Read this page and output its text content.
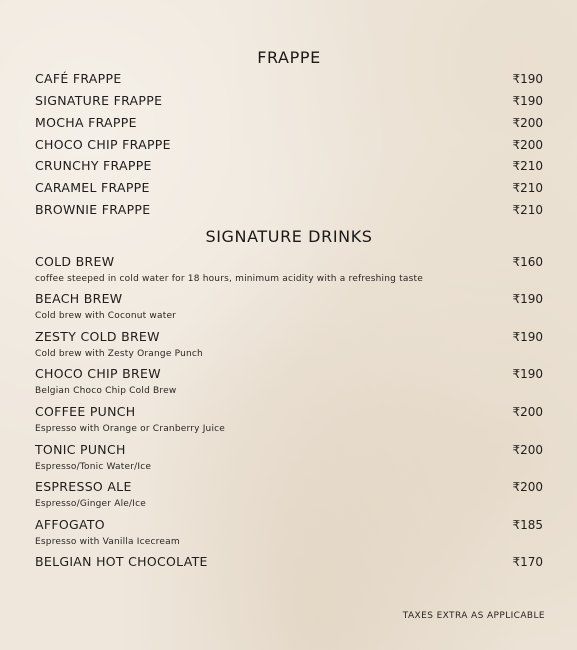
FRAPPE
CAFÉ FRAPPE	₹190
SIGNATURE FRAPPE	₹190
MOCHA FRAPPE	₹200
CHOCO CHIP FRAPPE	₹200
CRUNCHY FRAPPE	₹210
CARAMEL FRAPPE	₹210
BROWNIE FRAPPE	₹210
SIGNATURE DRINKS
COLD BREW	₹160
coffee steeped in cold water for 18 hours, minimum acidity with a refreshing taste
BEACH BREW	₹190
Cold brew with Coconut water
ZESTY COLD BREW	₹190
Cold brew with Zesty Orange Punch
CHOCO CHIP BREW	₹190
Belgian Choco Chip Cold Brew
COFFEE PUNCH	₹200
Espresso with Orange or Cranberry Juice
TONIC PUNCH	₹200
Espresso/Tonic Water/Ice
ESPRESSO ALE	₹200
Espresso/Ginger Ale/Ice
AFFOGATO	₹185
Espresso with Vanilla Icecream
BELGIAN HOT CHOCOLATE	₹170
TAXES EXTRA AS APPLICABLE
